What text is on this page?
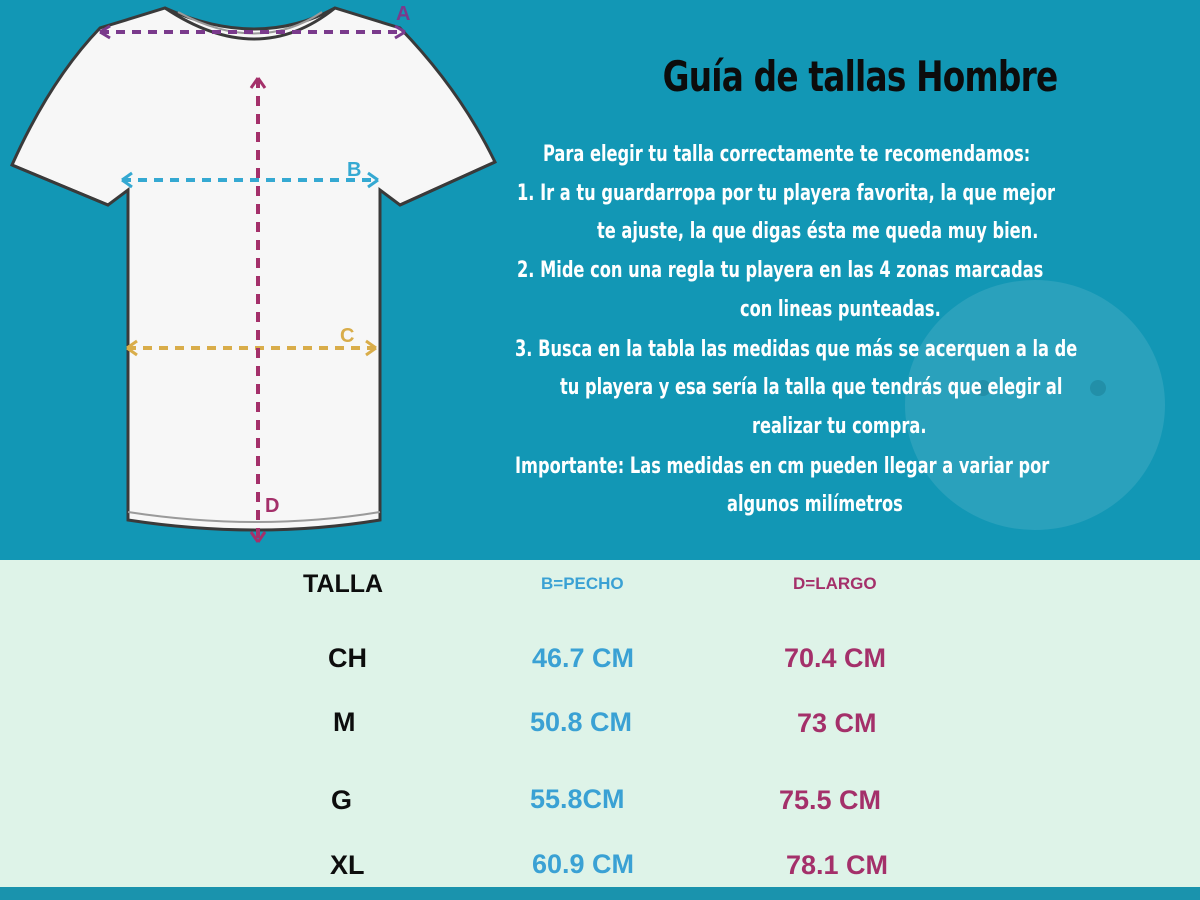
A
B
C
D
Guía de tallas Hombre
Para elegir tu talla correctamente te recomendamos:
1. Ir a tu guardarropa por tu playera favorita, la que mejor
te ajuste, la que digas ésta me queda muy bien.
2. Mide con una regla tu playera en las 4 zonas marcadas
con lineas punteadas.
3. Busca en la tabla las medidas que más se acerquen a la de
tu playera y esa sería la talla que tendrás que elegir al
realizar tu compra.
Importante: Las medidas en cm pueden llegar a variar por
algunos milímetros
TALLA	B=PECHO	D=LARGO
CH	46.7 CM	70.4 CM
M	50.8 CM	73 CM
G	55.8CM	75.5 CM
XL	60.9 CM	78.1 CM
